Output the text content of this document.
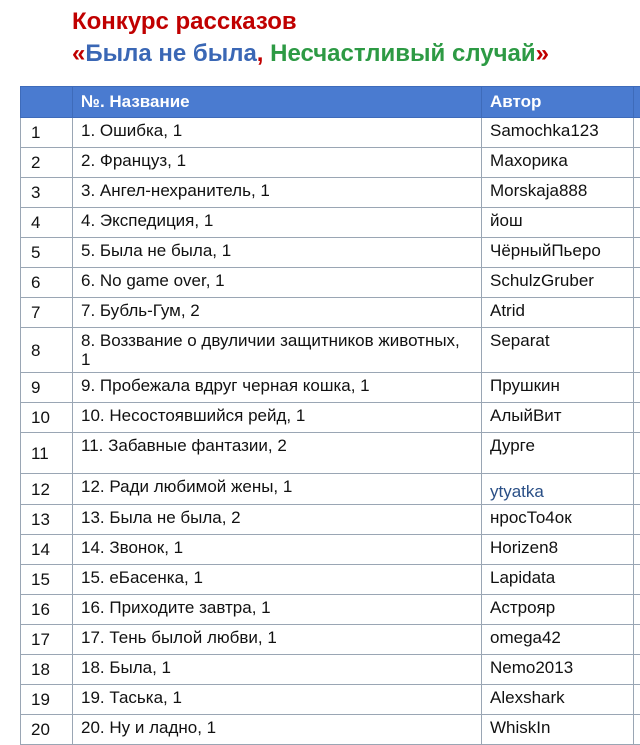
Конкурс рассказов
«Была не была, Несчастливый случай»
	№. Название	Автор	
1	1. Ошибка, 1	Samochka123	
2	2. Француз, 1	Махорика	
3	3. Ангел-нехранитель, 1	Morskaja888	
4	4. Экспедиция, 1	йош	
5	5. Была не была, 1	ЧёрныйПьеро	
6	6. No game over, 1	SchulzGruber	
7	7. Бубль-Гум, 2	Atrid	
8	8. Воззвание о двуличии защитников животных, 1	Separat	
9	9. Пробежала вдруг черная кошка, 1	Прушкин	
10	10. Несостоявшийся рейд, 1	АлыйВит	
11	11. Забавные фантазии, 2	Дурге	
12	12. Ради любимой жены, 1	ytyatka	
13	13. Была не была, 2	нросТо4ок	
14	14. Звонок, 1	Horizen8	
15	15. еБасенка, 1	Lapidata	
16	16. Приходите завтра, 1	Астрояр	
17	17. Тень былой любви, 1	omega42	
18	18. Была, 1	Nemo2013	
19	19. Таська, 1	Alexshark	
20	20. Ну и ладно, 1	WhiskIn	
